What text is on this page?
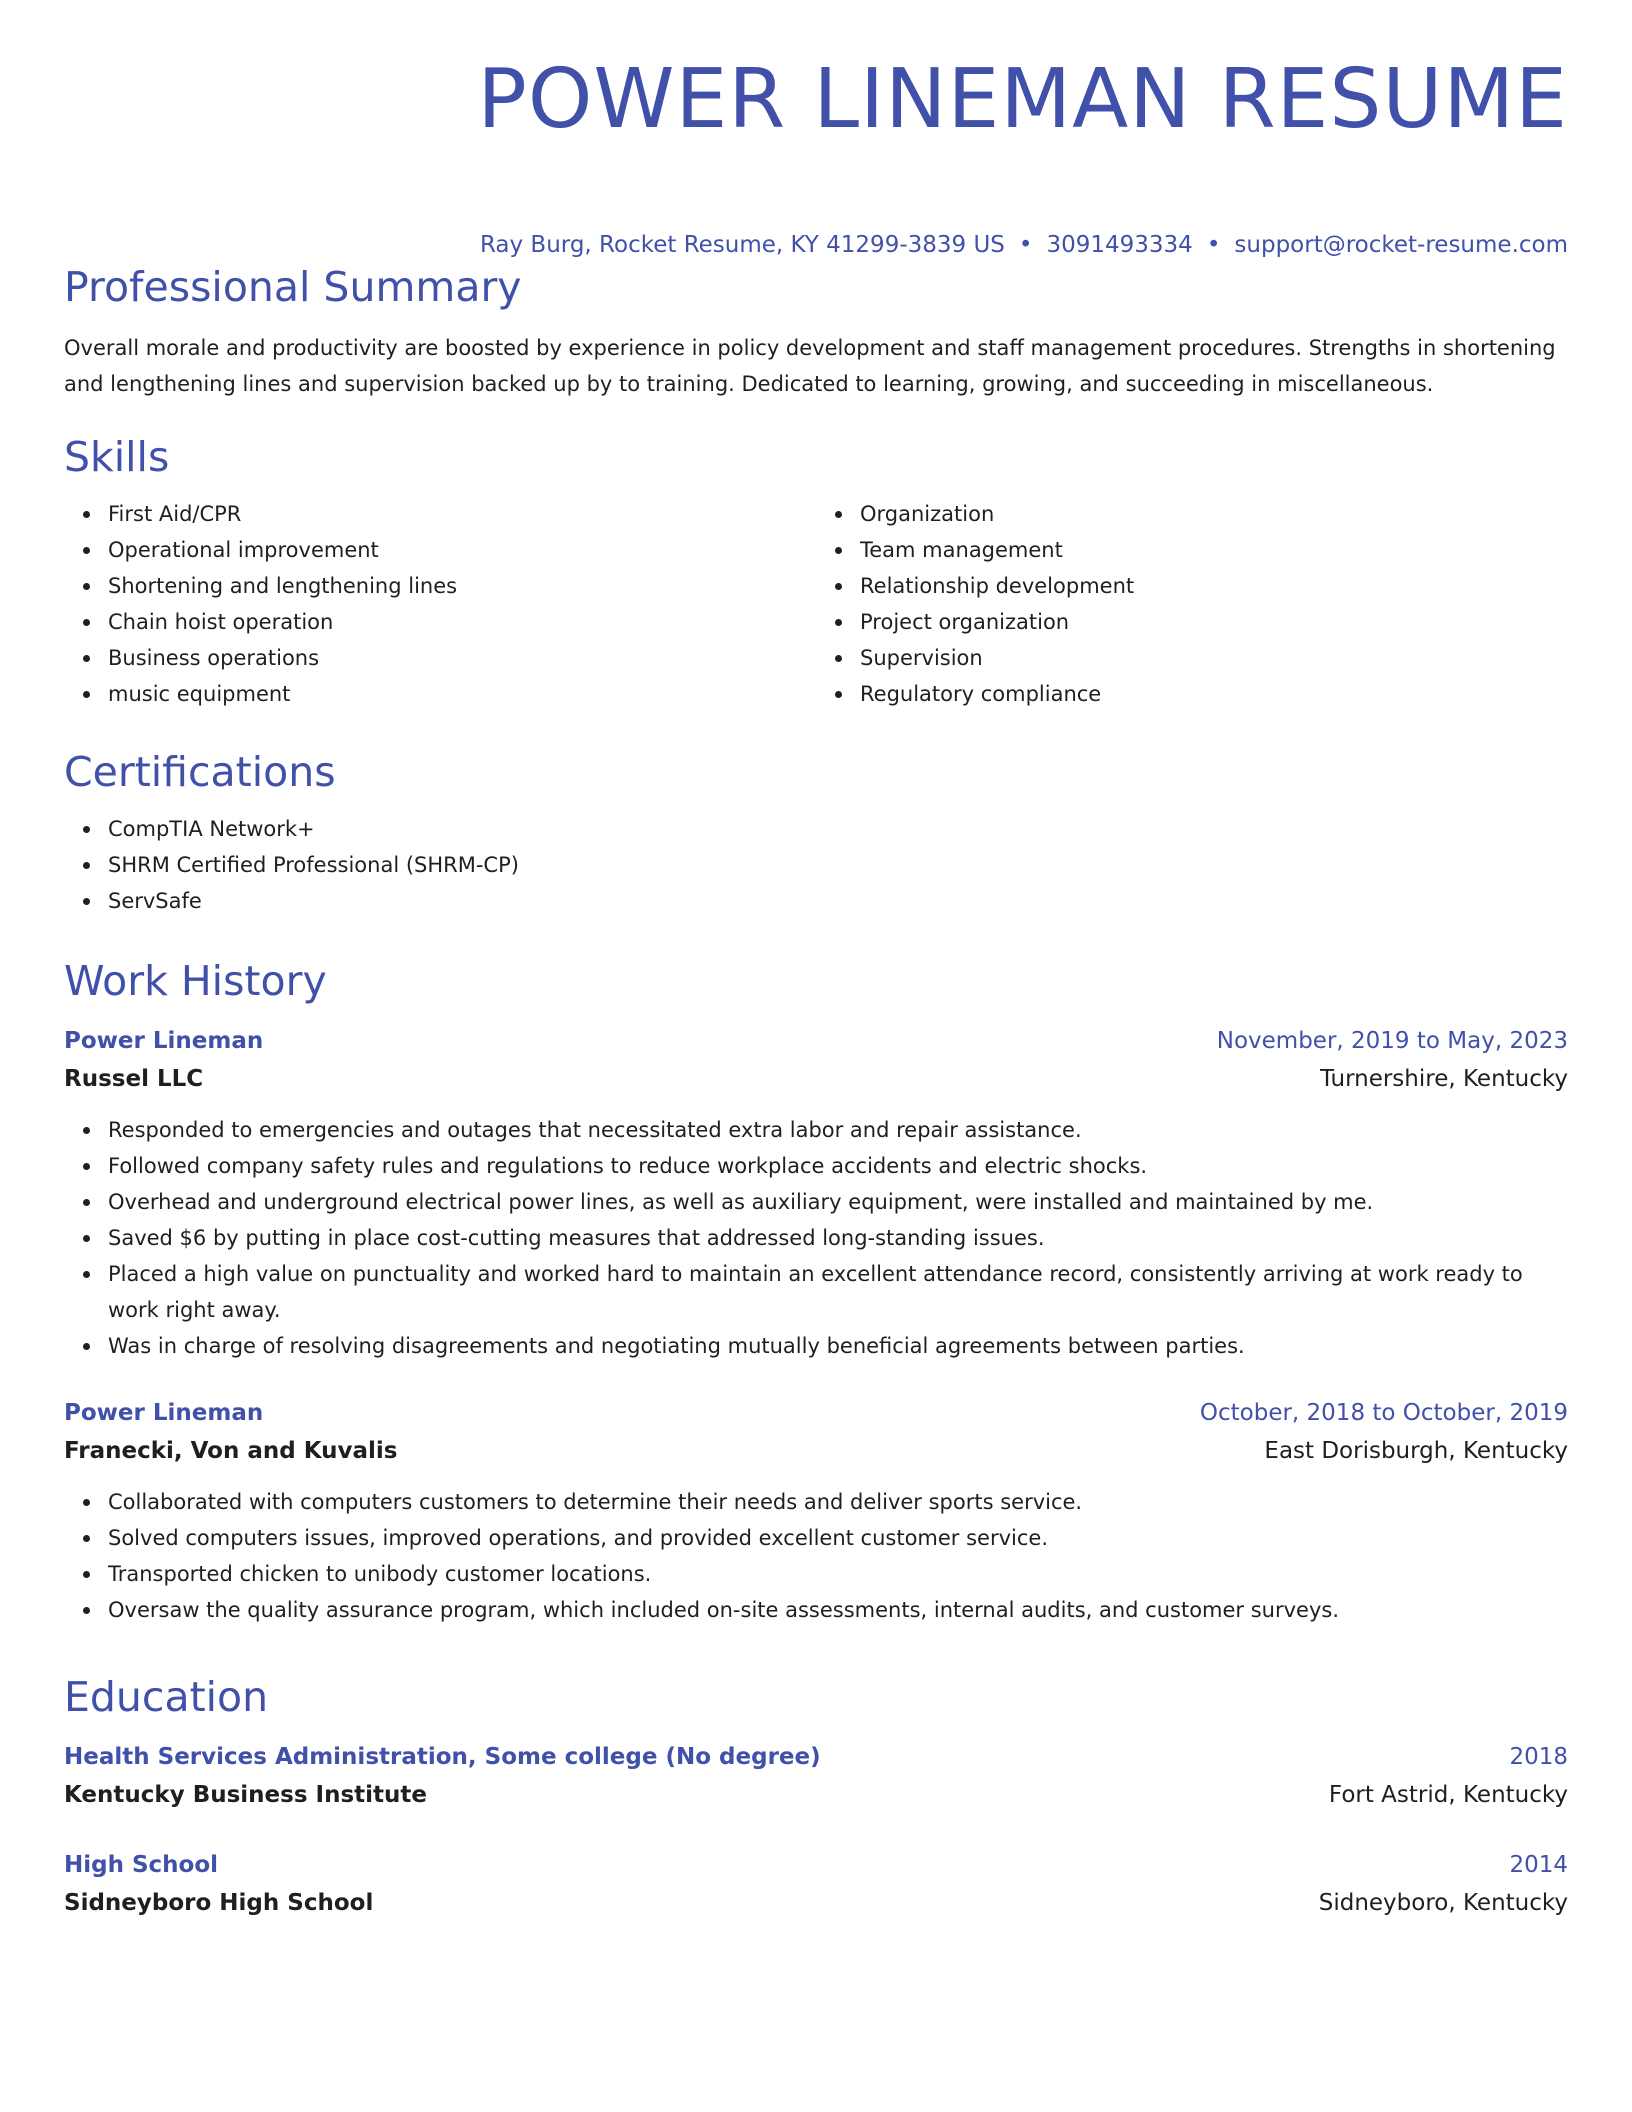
POWER LINEMAN RESUME
Ray Burg, Rocket Resume, KY 41299-3839 US • 3091493334 • support@rocket-resume.com
Professional Summary

Overall morale and productivity are boosted by experience in policy development and staff management procedures. Strengths in shortening and lengthening lines and supervision backed up by to training. Dedicated to learning, growing, and succeeding in miscellaneous.

Skills
First Aid/CPR
Operational improvement
Shortening and lengthening lines
Chain hoist operation
Business operations
music equipment
Organization
Team management
Relationship development
Project organization
Supervision
Regulatory compliance
Certifications
CompTIA Network+
SHRM Certified Professional (SHRM-CP)
ServSafe
Work History
Power Lineman	November, 2019 to May, 2023
Russel LLC	Turnershire, Kentucky
Responded to emergencies and outages that necessitated extra labor and repair assistance.
Followed company safety rules and regulations to reduce workplace accidents and electric shocks.
Overhead and underground electrical power lines, as well as auxiliary equipment, were installed and maintained by me.
Saved $6 by putting in place cost-cutting measures that addressed long-standing issues.
Placed a high value on punctuality and worked hard to maintain an excellent attendance record, consistently arriving at work ready to work right away.
Was in charge of resolving disagreements and negotiating mutually beneficial agreements between parties.
Power Lineman	October, 2018 to October, 2019
Franecki, Von and Kuvalis	East Dorisburgh, Kentucky
Collaborated with computers customers to determine their needs and deliver sports service.
Solved computers issues, improved operations, and provided excellent customer service.
Transported chicken to unibody customer locations.
Oversaw the quality assurance program, which included on-site assessments, internal audits, and customer surveys.
Education
Health Services Administration, Some college (No degree)	2018
Kentucky Business Institute	Fort Astrid, Kentucky
High School	2014
Sidneyboro High School	Sidneyboro, Kentucky
